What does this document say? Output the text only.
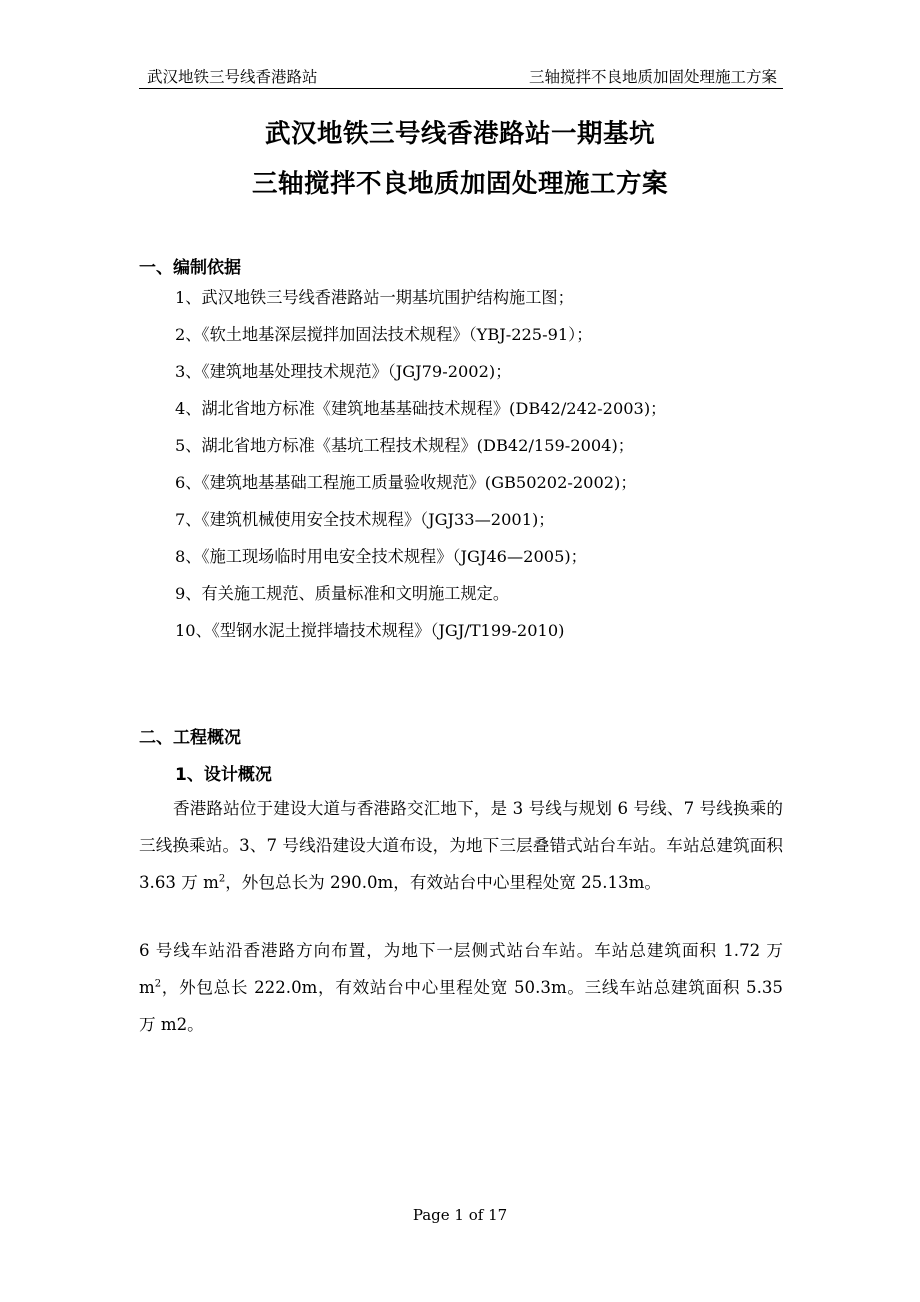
武汉地铁三号线香港路站	三轴搅拌不良地质加固处理施工方案
武汉地铁三号线香港路站一期基坑
三轴搅拌不良地质加固处理施工方案
一、编制依据
1、武汉地铁三号线香港路站一期基坑围护结构施工图；
2、《软土地基深层搅拌加固法技术规程》（YBJ-225-91）；
3、《建筑地基处理技术规范》（JGJ79-2002)；
4、湖北省地方标准《建筑地基基础技术规程》(DB42/242-2003)；
5、湖北省地方标准《基坑工程技术规程》(DB42/159-2004)；
6、《建筑地基基础工程施工质量验收规范》(GB50202-2002)；
7、《建筑机械使用安全技术规程》（JGJ33—2001)；
8、《施工现场临时用电安全技术规程》（JGJ46—2005)；
9、有关施工规范、质量标准和文明施工规定。
10、《型钢水泥土搅拌墙技术规程》（JGJ/T199-2010)
二、工程概况
1、设计概况
香港路站位于建设大道与香港路交汇地下，是 3 号线与规划 6 号线、7 号线换乘的三线换乘站。3、7 号线沿建设大道布设，为地下三层叠错式站台车站。车站总建筑面积 3.63 万 $m^2$，外包总长为 290.0m，有效站台中心里程处宽 25.13m。
6 号线车站沿香港路方向布置，为地下一层侧式站台车站。车站总建筑面积 1.72 万 $m^2$，外包总长 222.0m，有效站台中心里程处宽 50.3m。三线车站总建筑面积 5.35 万 m2。
Page 1 of 17
